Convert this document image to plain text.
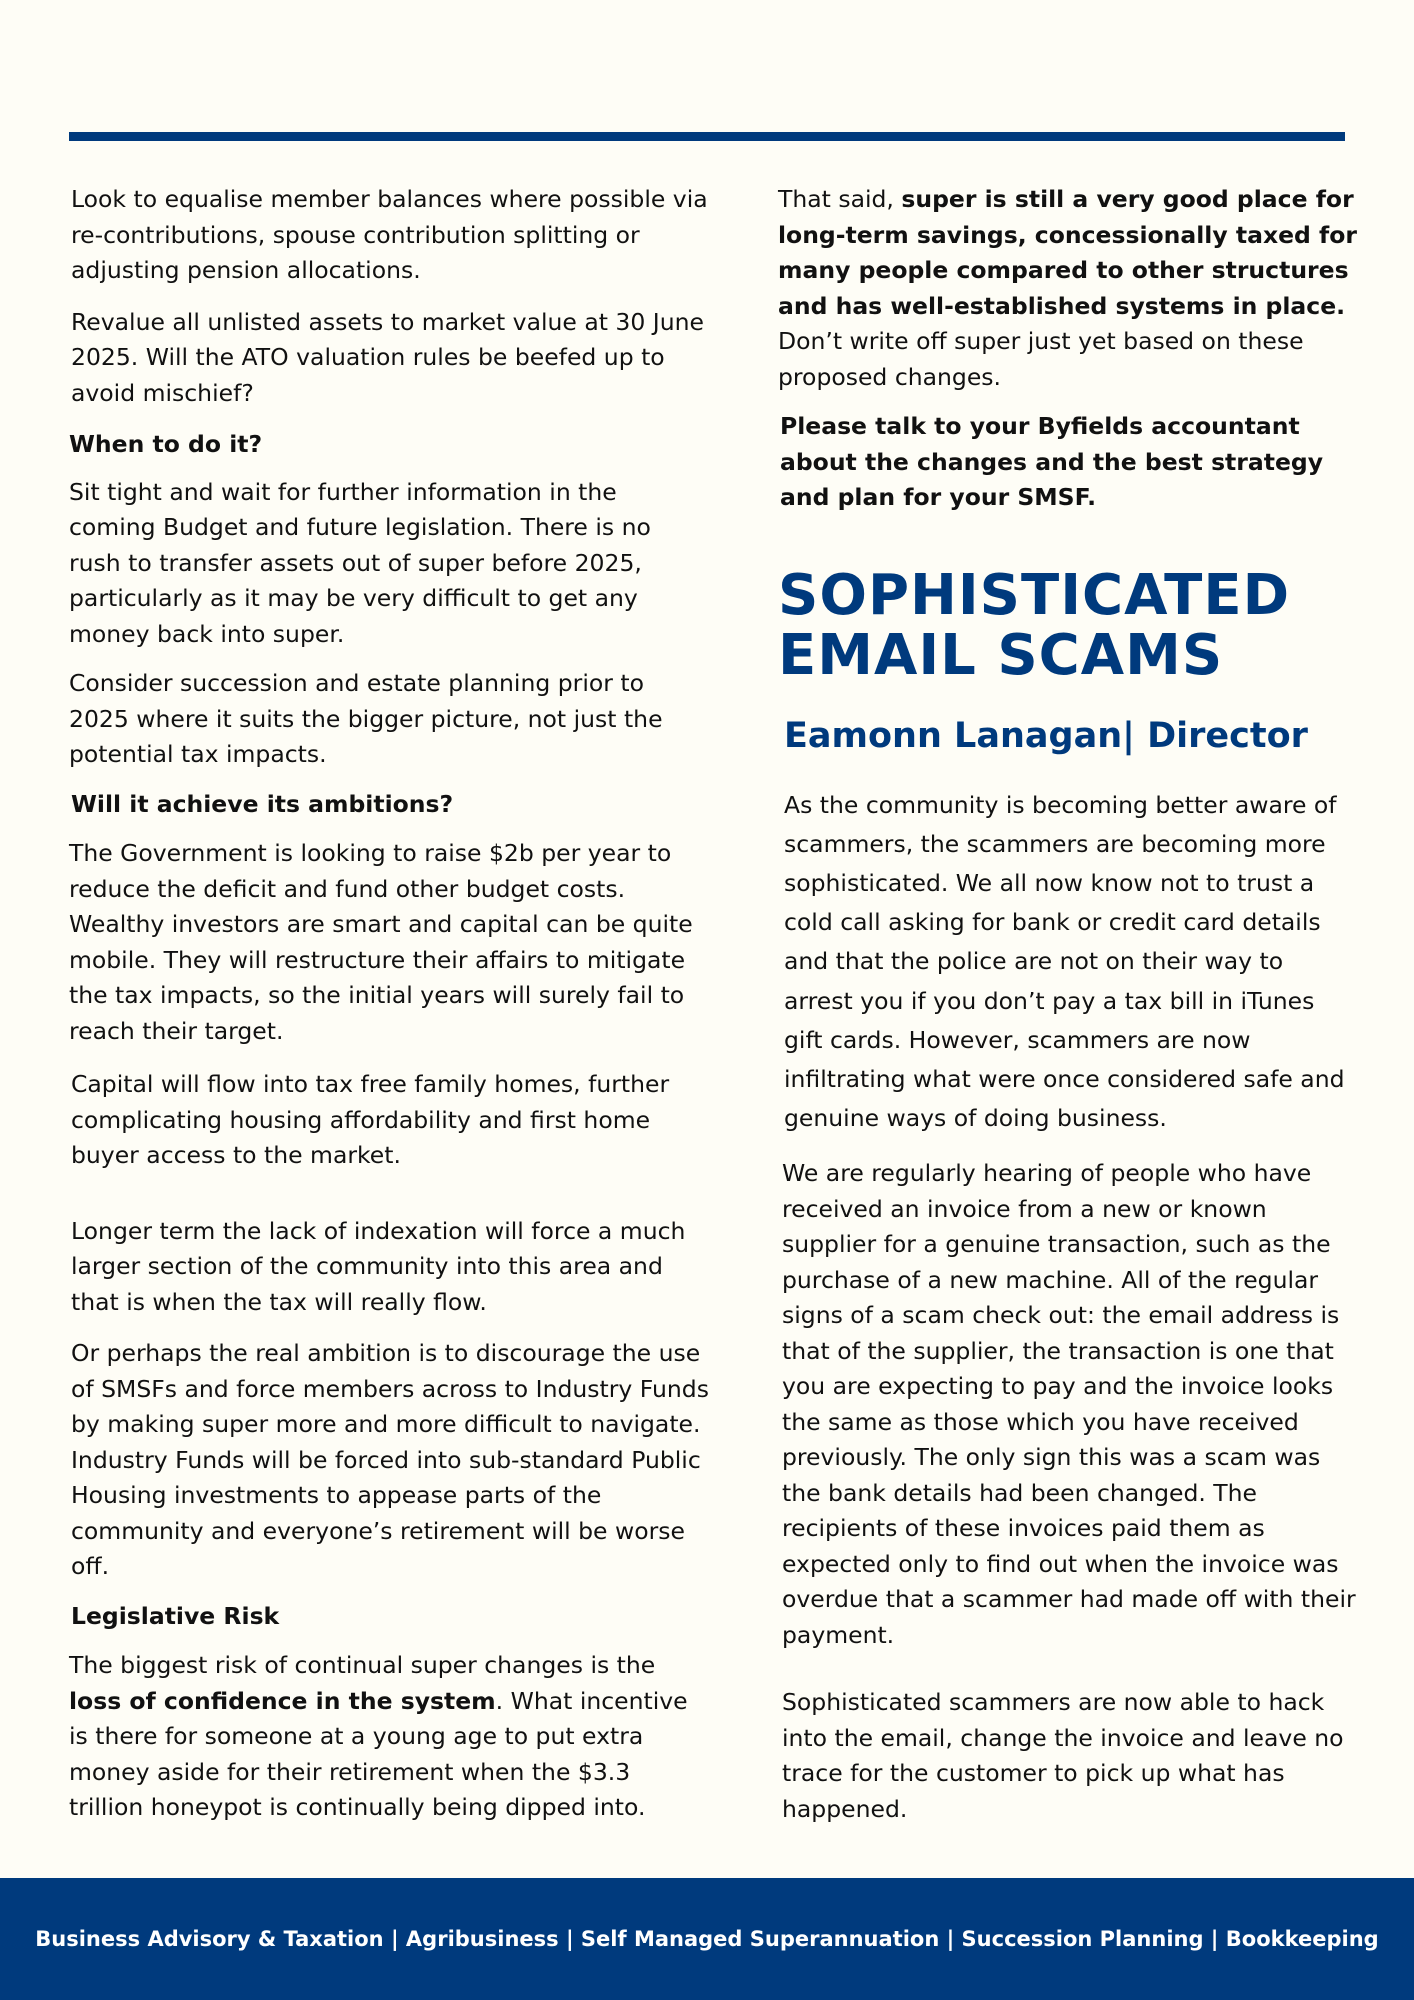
Look to equalise member balances where possible via re-contributions, spouse contribution splitting or adjusting pension allocations.

Revalue all unlisted assets to market value at 30 June 2025. Will the ATO valuation rules be beefed up to avoid mischief?

When to do it?

Sit tight and wait for further information in the coming Budget and future legislation. There is no rush to transfer assets out of super before 2025, particularly as it may be very difficult to get any money back into super.

Consider succession and estate planning prior to 2025 where it suits the bigger picture, not just the potential tax impacts.

Will it achieve its ambitions?

The Government is looking to raise $2b per year to reduce the deficit and fund other budget costs. Wealthy investors are smart and capital can be quite mobile. They will restructure their affairs to mitigate the tax impacts, so the initial years will surely fail to reach their target.

Capital will flow into tax free family homes, further complicating housing affordability and first home buyer access to the market.

Longer term the lack of indexation will force a much larger section of the community into this area and that is when the tax will really flow.

Or perhaps the real ambition is to discourage the use of SMSFs and force members across to Industry Funds by making super more and more difficult to navigate. Industry Funds will be forced into sub-standard Public Housing investments to appease parts of the community and everyone’s retirement will be worse off.

Legislative Risk

The biggest risk of continual super changes is the loss of confidence in the system. What incentive is there for someone at a young age to put extra money aside for their retirement when the $3.3 trillion honeypot is continually being dipped into.

That said, super is still a very good place for long-term savings, concessionally taxed for many people compared to other structures and has well-established systems in place. Don’t write off super just yet based on these proposed changes.

Please talk to your Byfields accountant about the changes and the best strategy and plan for your SMSF.

SOPHISTICATED EMAIL SCAMS
Eamonn Lanagan| Director

As the community is becoming better aware of scammers, the scammers are becoming more sophisticated. We all now know not to trust a cold call asking for bank or credit card details and that the police are not on their way to arrest you if you don’t pay a tax bill in iTunes gift cards. However, scammers are now infiltrating what were once considered safe and genuine ways of doing business.

We are regularly hearing of people who have received an invoice from a new or known supplier for a genuine transaction, such as the purchase of a new machine. All of the regular signs of a scam check out: the email address is that of the supplier, the transaction is one that you are expecting to pay and the invoice looks the same as those which you have received previously. The only sign this was a scam was the bank details had been changed. The recipients of these invoices paid them as expected only to find out when the invoice was overdue that a scammer had made off with their payment.

Sophisticated scammers are now able to hack into the email, change the invoice and leave no trace for the customer to pick up what has happened.

Business Advisory & Taxation | Agribusiness | Self Managed Superannuation | Succession Planning | Bookkeeping
